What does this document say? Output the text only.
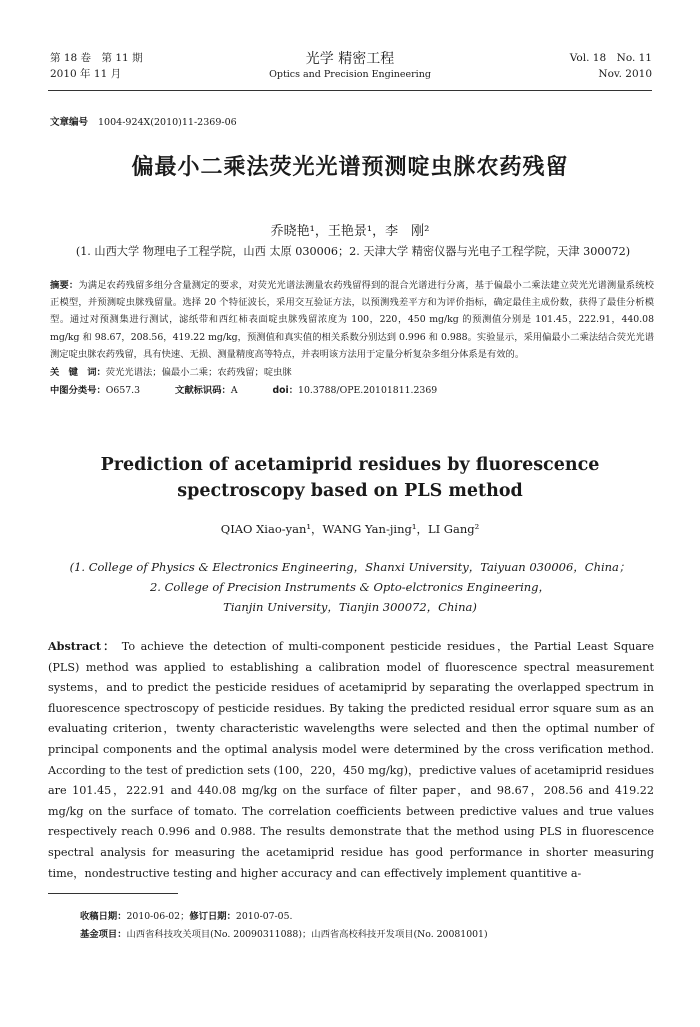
第 18 卷　第 11 期
2010 年 11 月
光学 精密工程
Optics and Precision Engineering
Vol. 18　No. 11
Nov. 2010
文章编号 1004-924X(2010)11-2369-06
偏最小二乘法荧光光谱预测啶虫脒农药残留
乔晓艳¹，王艳景¹，李　刚²
(1. 山西大学 物理电子工程学院，山西 太原 030006；2. 天津大学 精密仪器与光电子工程学院，天津 300072)
摘要：为满足农药残留多组分含量测定的要求，对荧光光谱法测量农药残留得到的混合光谱进行分离，基于偏最小二乘法建立荧光光谱测量系统校正模型，并预测啶虫脒残留量。选择 20 个特征波长，采用交互验证方法，以预测残差平方和为评价指标，确定最佳主成份数，获得了最佳分析模型。通过对预测集进行测试，滤纸带和西红柿表面啶虫脒残留浓度为 100，220，450 mg/kg 的预测值分别是 101.45，222.91，440.08 mg/kg 和 98.67，208.56，419.22 mg/kg，预测值和真实值的相关系数分别达到 0.996 和 0.988。实验显示，采用偏最小二乘法结合荧光光谱测定啶虫脒农药残留，具有快速、无损、测量精度高等特点，并表明该方法用于定量分析复杂多组分体系是有效的。
关　键　词：荧光光谱法；偏最小二乘；农药残留；啶虫脒
中图分类号：O657.3	文献标识码：A	doi：10.3788/OPE.20101811.2369
Prediction of acetamiprid residues by fluorescence
spectroscopy based on PLS method
QIAO Xiao-yan¹，WANG Yan-jing¹，LI Gang²
(1. College of Physics & Electronics Engineering，Shanxi University，Taiyuan 030006，China；
2. College of Precision Instruments & Opto-elctronics Engineering，
Tianjin University，Tianjin 300072，China)
Abstract： To achieve the detection of multi-component pesticide residues，the Partial Least Square (PLS) method was applied to establishing a calibration model of fluorescence spectral measurement systems，and to predict the pesticide residues of acetamiprid by separating the overlapped spectrum in fluorescence spectroscopy of pesticide residues. By taking the predicted residual error square sum as an evaluating criterion，twenty characteristic wavelengths were selected and then the optimal number of principal components and the optimal analysis model were determined by the cross verification method. According to the test of prediction sets (100，220，450 mg/kg)，predictive values of acetamiprid residues are 101.45，222.91 and 440.08 mg/kg on the surface of filter paper，and 98.67，208.56 and 419.22 mg/kg on the surface of tomato. The correlation coefficients between predictive values and true values respectively reach 0.996 and 0.988. The results demonstrate that the method using PLS in fluorescence spectral analysis for measuring the acetamiprid residue has good performance in shorter measuring time，nondestructive testing and higher accuracy and can effectively implement quantitive a-
收稿日期：2010-06-02；修订日期：2010-07-05.
基金项目：山西省科技攻关项目(No. 20090311088)；山西省高校科技开发项目(No. 20081001)
